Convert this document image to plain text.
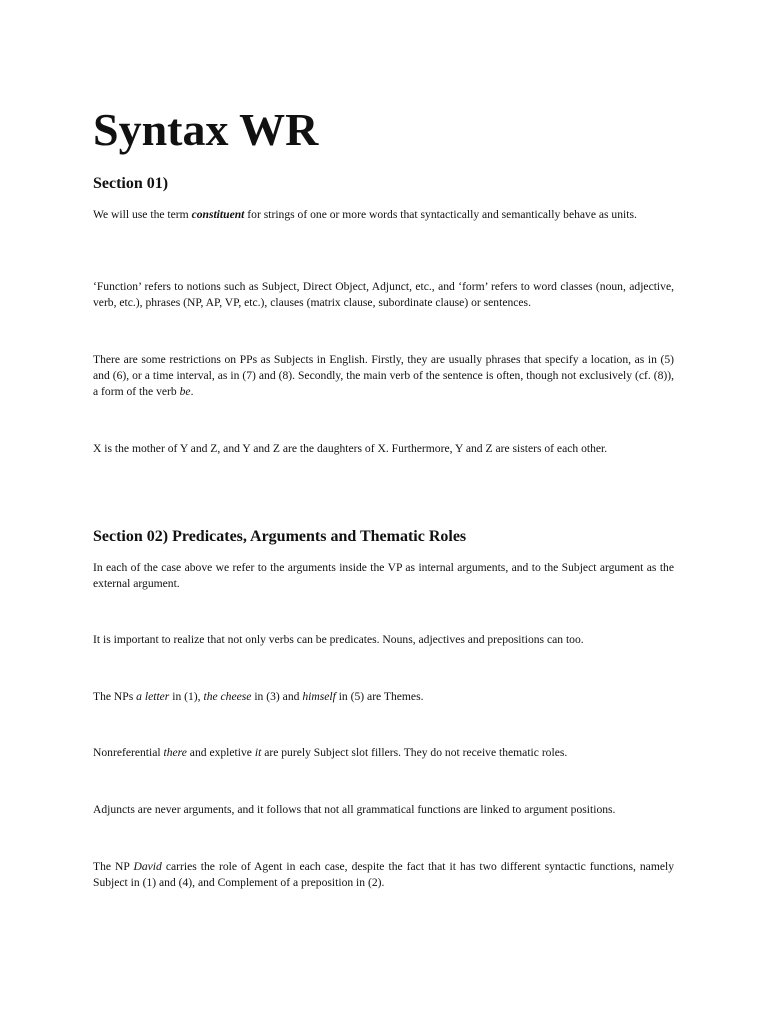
Syntax WR
Section 01)

We will use the term constituent for strings of one or more words that syntactically and semantically behave as units.

‘Function’ refers to notions such as Subject, Direct Object, Adjunct, etc., and ‘form’ refers to word classes (noun, adjective, verb, etc.), phrases (NP, AP, VP, etc.), clauses (matrix clause, subordinate clause) or sentences.

There are some restrictions on PPs as Subjects in English. Firstly, they are usually phrases that specify a location, as in (5) and (6), or a time interval, as in (7) and (8). Secondly, the main verb of the sentence is often, though not exclusively (cf. (8)), a form of the verb be.

X is the mother of Y and Z, and Y and Z are the daughters of X. Furthermore, Y and Z are sisters of each other.

Section 02) Predicates, Arguments and Thematic Roles

In each of the case above we refer to the arguments inside the VP as internal arguments, and to the Subject argument as the external argument.

It is important to realize that not only verbs can be predicates. Nouns, adjectives and prepositions can too.

The NPs a letter in (1), the cheese in (3) and himself in (5) are Themes.

Nonreferential there and expletive it are purely Subject slot fillers. They do not receive thematic roles.

Adjuncts are never arguments, and it follows that not all grammatical functions are linked to argument positions.

The NP David carries the role of Agent in each case, despite the fact that it has two different syntactic functions, namely Subject in (1) and (4), and Complement of a preposition in (2).
